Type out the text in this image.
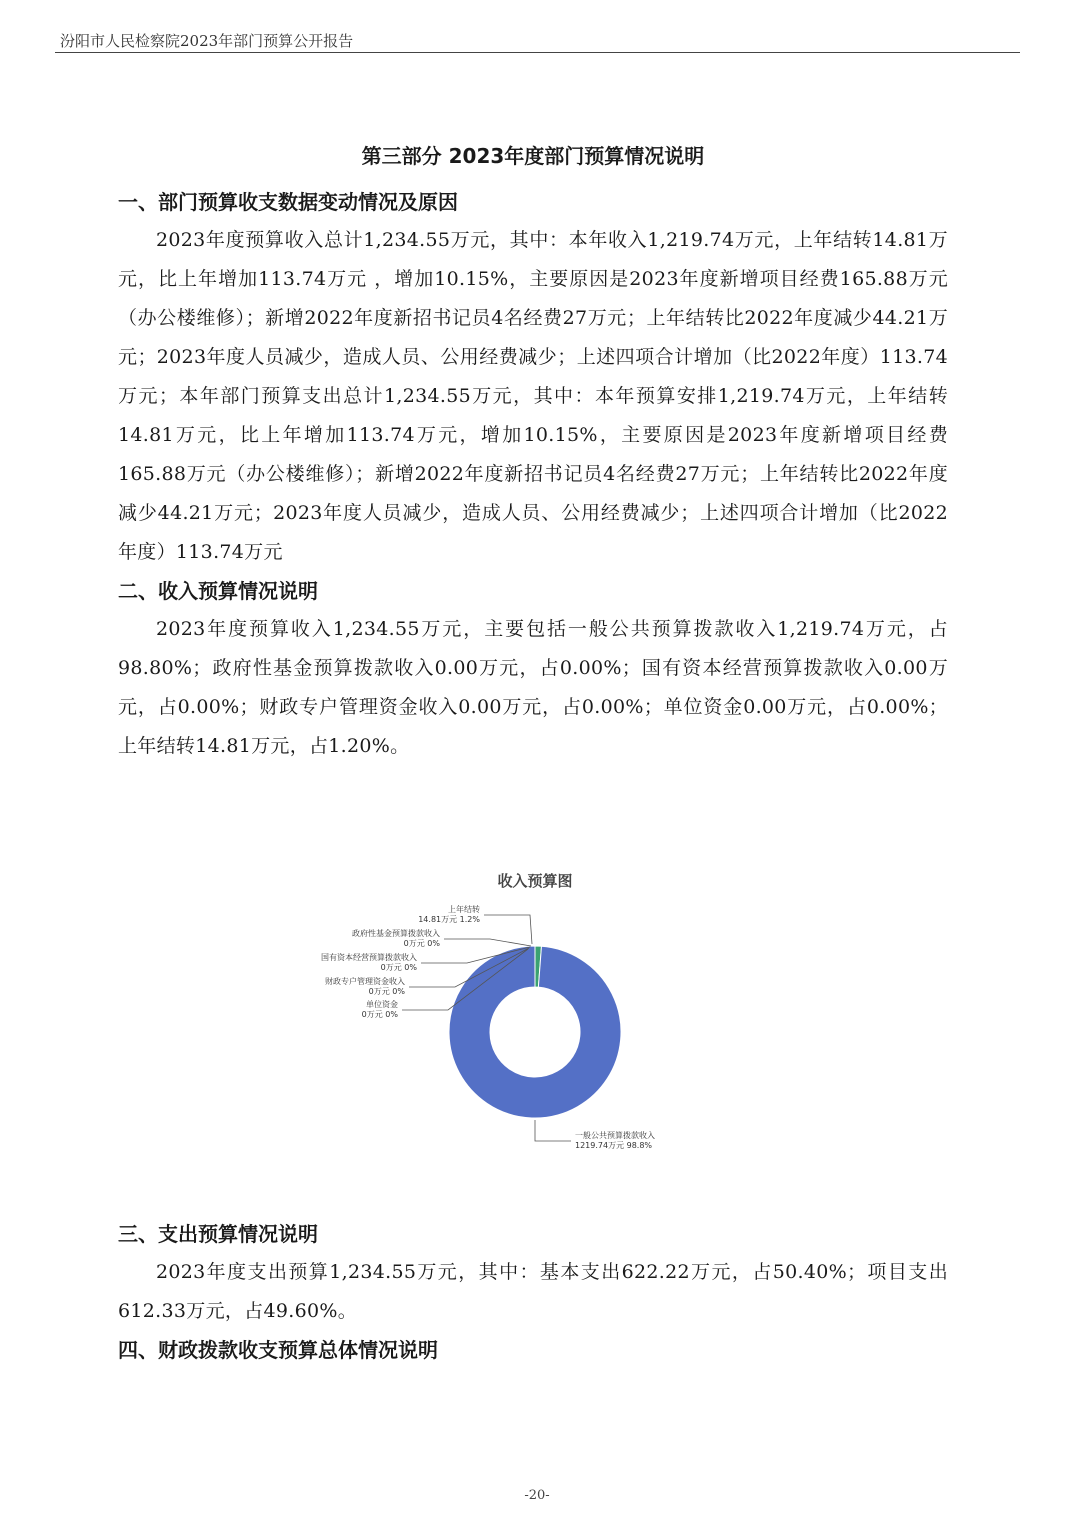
汾阳市人民检察院2023年部门预算公开报告
第三部分 2023年度部门预算情况说明
一、部门预算收支数据变动情况及原因

2023年度预算收入总计1,234.55万元，其中：本年收入1,219.74万元，上年结转14.81万元，比上年增加113.74万元 ，增加10.15%，主要原因是2023年度新增项目经费165.88万元（办公楼维修）；新增2022年度新招书记员4名经费27万元；上年结转比2022年度减少44.21万元；2023年度人员减少，造成人员、公用经费减少；上述四项合计增加（比2022年度）113.74万元；本年部门预算支出总计1,234.55万元，其中：本年预算安排1,219.74万元，上年结转14.81万元，比上年增加113.74万元，增加10.15%，主要原因是2023年度新增项目经费165.88万元（办公楼维修）；新增2022年度新招书记员4名经费27万元；上年结转比2022年度减少44.21万元；2023年度人员减少，造成人员、公用经费减少；上述四项合计增加（比2022年度）113.74万元

二、收入预算情况说明

2023年度预算收入1,234.55万元，主要包括一般公共预算拨款收入1,219.74万元，占98.80%；政府性基金预算拨款收入0.00万元，占0.00%；国有资本经营预算拨款收入0.00万元，占0.00%；财政专户管理资金收入0.00万元，占0.00%；单位资金0.00万元，占0.00%；上年结转14.81万元，占1.20%。

收入预算图
上年结转
14.81万元 1.2%
政府性基金预算拨款收入
0万元 0%
国有资本经营预算拨款收入
0万元 0%
财政专户管理资金收入
0万元 0%
单位资金
0万元 0%
一般公共预算拨款收入
1219.74万元 98.8%
三、支出预算情况说明

2023年度支出预算1,234.55万元，其中：基本支出622.22万元，占50.40%；项目支出612.33万元，占49.60%。

四、财政拨款收支预算总体情况说明
-20-
